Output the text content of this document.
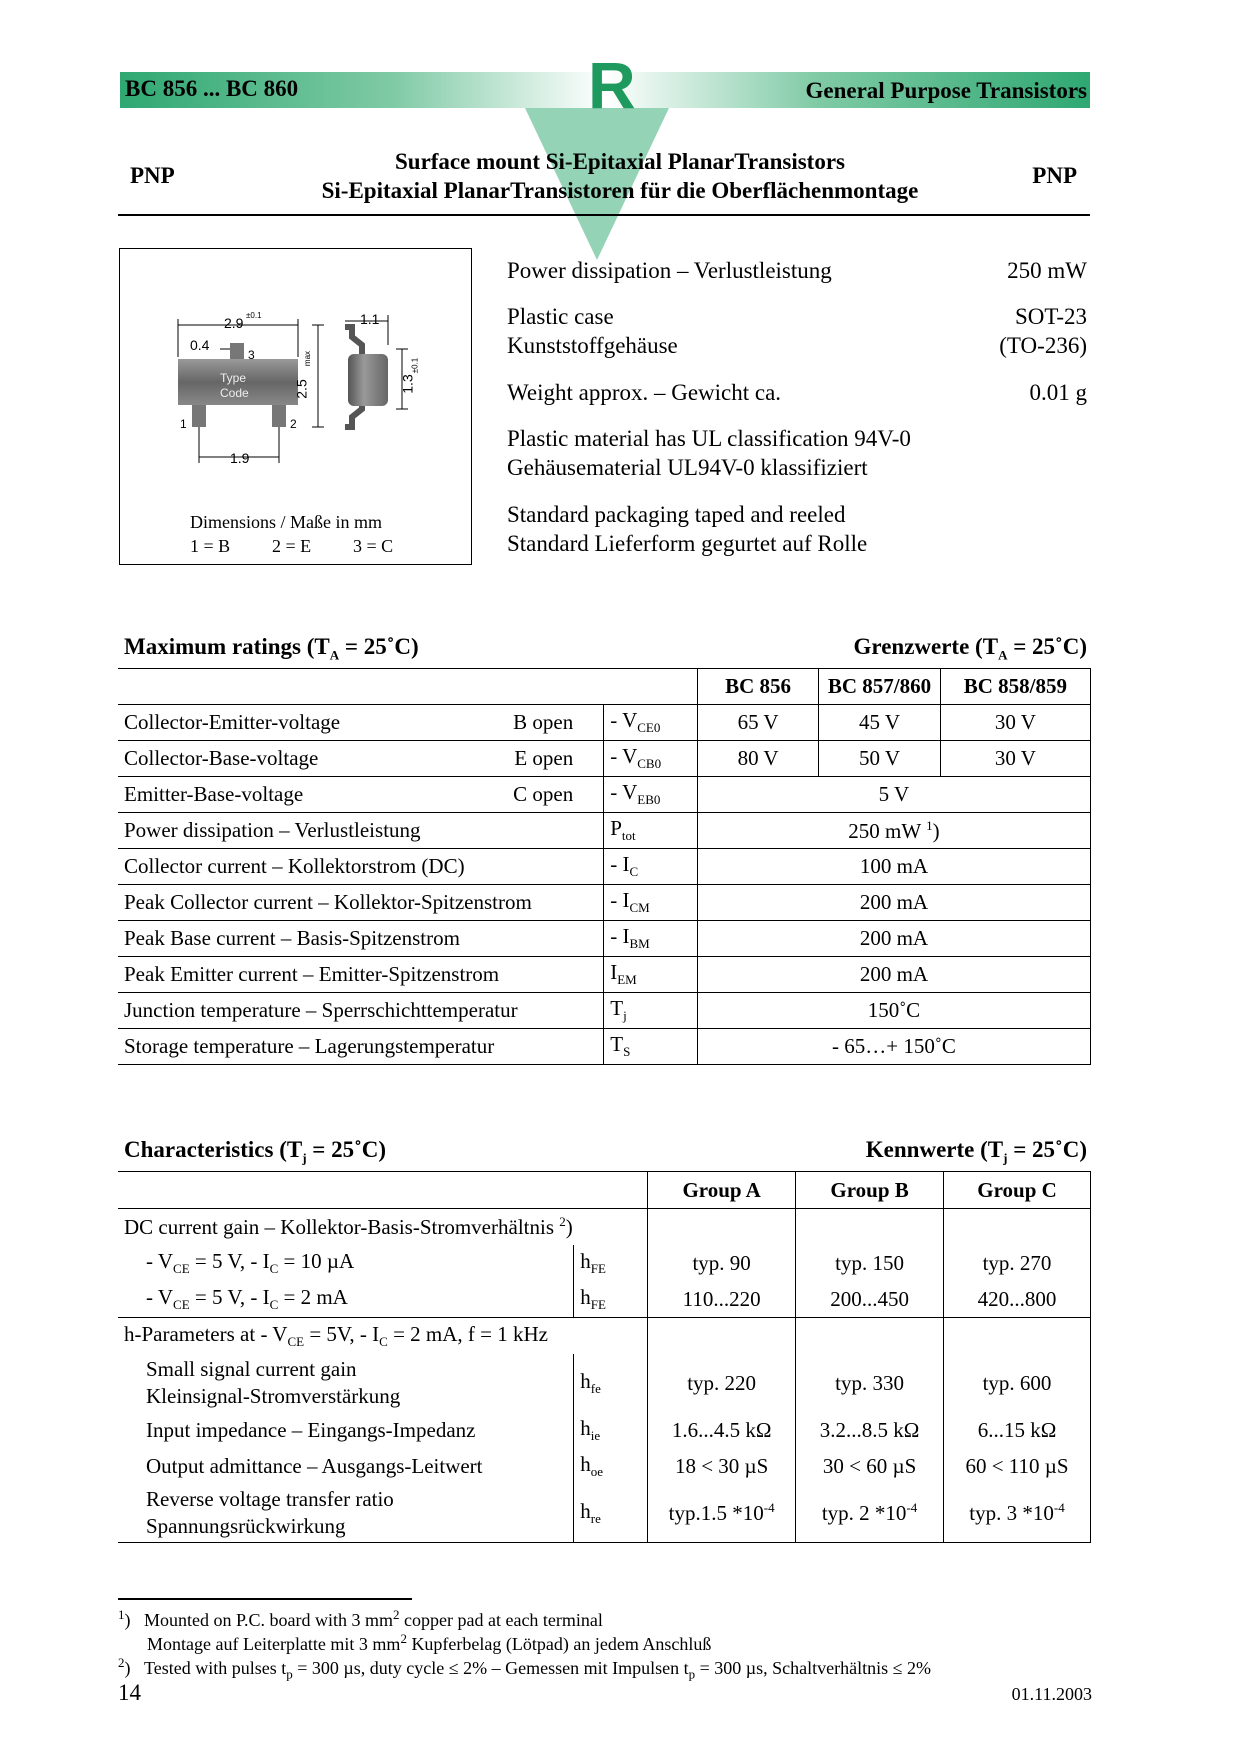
BC 856 ... BC 860	R	General Purpose Transistors
PNP	PNP
Surface mount Si-Epitaxial PlanarTransistors
Si-Epitaxial PlanarTransistoren für die Oberflächenmontage
2.9 ±0.1
0.4
3
1.1
Type
Code	2.5
max
1.3
±0.1
1	2
1.9
Dimensions / Maße in mm
1 = B 2 = E 3 = C
Power dissipation – Verlustleistung	250 mW
Plastic case	SOT-23
Kunststoffgehäuse	(TO-236)
Weight approx. – Gewicht ca.	0.01 g
Plastic material has UL classification 94V-0
Gehäusematerial UL94V-0 klassifiziert
Standard packaging taped and reeled
Standard Lieferform gegurtet auf Rolle
Maximum ratings ($T_A$ = 25˚C)	Grenzwerte ($T_A$ = 25˚C)
		BC 856	BC 857/860	BC 858/859
Collector-Emitter-voltage B open	- $V_{CE0}$	65 V	45 V	30 V
Collector-Base-voltage E open	- $V_{CB0}$	80 V	50 V	30 V
Emitter-Base-voltage C open	- $V_{EB0}$	5 V		
Power dissipation – Verlustleistung	$P_{tot}$	250 mW $^1$)		
Collector current – Kollektorstrom (DC)	- $I_C$	100 mA		
Peak Collector current – Kollektor-Spitzenstrom	- $I_{CM}$	200 mA		
Peak Base current – Basis-Spitzenstrom	- $I_{BM}$	200 mA		
Peak Emitter current – Emitter-Spitzenstrom	$I_{EM}$	200 mA		
Junction temperature – Sperrschichttemperatur	$T_j$	150˚C		
Storage temperature – Lagerungstemperatur	$T_S$	- 65…+ 150˚C		
Characteristics ($T_j$ = 25˚C)	Kennwerte ($T_j$ = 25˚C)
		Group A	Group B	Group C
DC current gain – Kollektor-Basis-Stromverhältnis $^2$)				
- $V_{CE} = 5$ V, - $I_C = 10$ µA	$h_{FE}$	typ. 90	typ. 150	typ. 270
- $V_{CE} = 5$ V, - $I_C = 2$ mA	$h_{FE}$	110...220	200...450	420...800
h-Parameters at - $V_{CE} = 5V$, - $I_C = 2$ mA, f = 1 kHz				
Small signal current gain
Kleinsignal-Stromverstärkung	$h_{fe}$	typ. 220	typ. 330	typ. 600
Input impedance – Eingangs-Impedanz	$h_{ie}$	1.6...4.5 kΩ	3.2...8.5 kΩ	6...15 kΩ
Output admittance – Ausgangs-Leitwert	$h_{oe}$	18 < 30 µS	30 < 60 µS	60 < 110 µS
Reverse voltage transfer ratio
Spannungsrückwirkung	$h_{re}$	typ.1.5 $*10^{-4}$	typ. 2 $*10^{-4}$	typ. 3 $*10^{-4}$
$^1$)   Mounted on P.C. board with 3 $mm^2$ copper pad at each terminal
Montage auf Leiterplatte mit 3 $mm^2$ Kupferbelag (Lötpad) an jedem Anschluß
$^2$)   Tested with pulses $t_p = 300$ µs, duty cycle ≤ 2% – Gemessen mit Impulsen $t_p = 300$ µs, Schaltverhältnis ≤ 2%
14	01.11.2003
